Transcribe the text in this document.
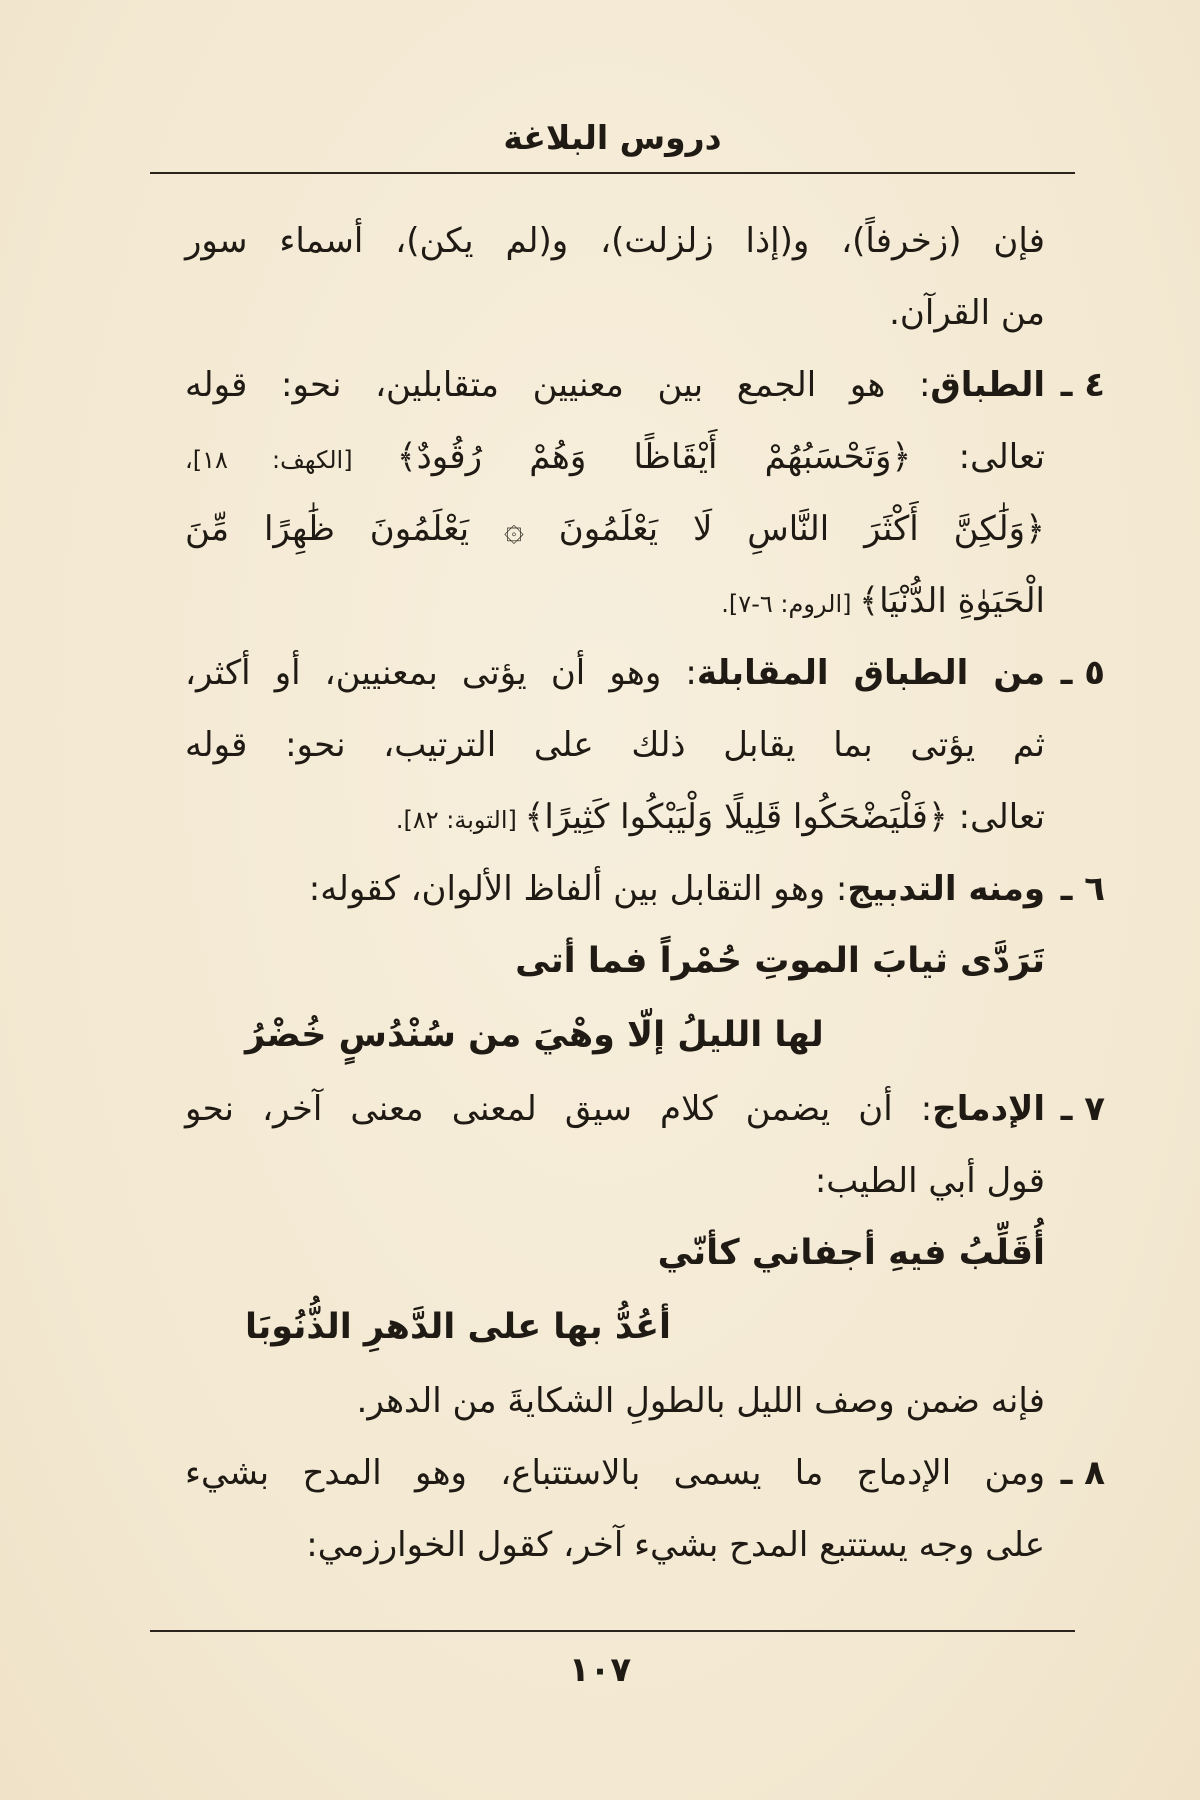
دروس البلاغة
فإن (زخرفاً)، و(إذا زلزلت)، و(لم يكن)، أسماء سور
من القرآن.
٤ ـ
الطباق: هو الجمع بين معنيين متقابلين، نحو: قوله
تعالى: ﴿وَتَحْسَبُهُمْ أَيْقَاظًا وَهُمْ رُقُودٌ﴾ [الكهف: ١٨]،
﴿وَلَٰكِنَّ أَكْثَرَ النَّاسِ لَا يَعْلَمُونَ ۞ يَعْلَمُونَ ظَٰهِرًا مِّنَ
الْحَيَوٰةِ الدُّنْيَا﴾ [الروم: ٦-٧].
٥ ـ
من الطباق المقابلة: وهو أن يؤتى بمعنيين، أو أكثر،
ثم يؤتى بما يقابل ذلك على الترتيب، نحو: قوله
تعالى: ﴿فَلْيَضْحَكُوا قَلِيلًا وَلْيَبْكُوا كَثِيرًا﴾ [التوبة: ٨٢].
٦ ـ
ومنه التدبيج: وهو التقابل بين ألفاظ الألوان، كقوله:
تَرَدَّى ثيابَ الموتِ حُمْراً فما أتى
لها الليلُ إلّا وهْيَ من سُنْدُسٍ خُضْرُ
٧ ـ
الإدماج: أن يضمن كلام سيق لمعنى معنى آخر، نحو
قول أبي الطيب:
أُقَلِّبُ فيهِ أجفاني كأنّي
أعُدُّ بها على الدَّهرِ الذُّنُوبَا
فإنه ضمن وصف الليل بالطولِ الشكايةَ من الدهر.
٨ ـ
ومن الإدماج ما يسمى بالاستتباع، وهو المدح بشيء
على وجه يستتبع المدح بشيء آخر، كقول الخوارزمي:
١٠٧
